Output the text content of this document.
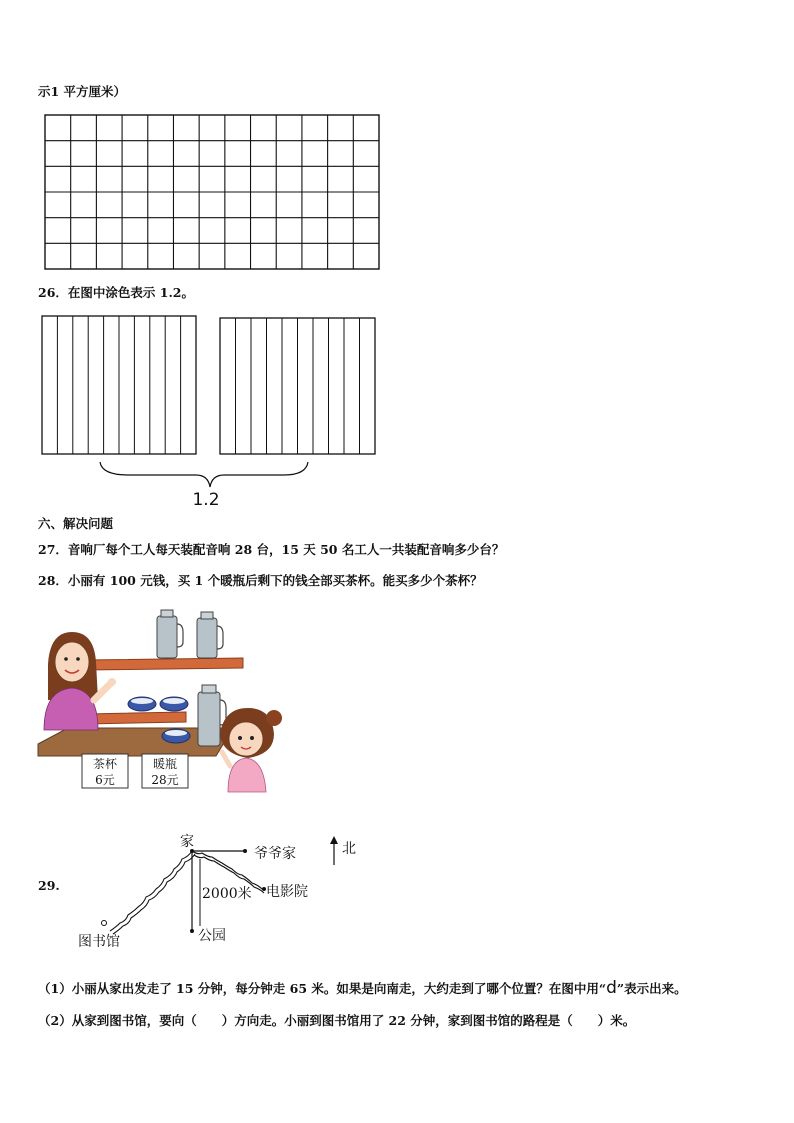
示1 平方厘米）
26．在图中涂色表示 1.2。
1.2
六、解决问题
27．音响厂每个工人每天装配音响 28 台，15 天 50 名工人一共装配音响多少台？
28．小丽有 100 元钱，买 1 个暖瓶后剩下的钱全部买茶杯。能买多少个茶杯？
茶杯
6元
暖瓶
28元
29.
家
爷爷家	北
公园
2000米 电影院
图书馆
（1）小丽从家出发走了 15 分钟，每分钟走 65 米。如果是向南走，大约走到了哪个位置？在图中用“d”表示出来。
（2）从家到图书馆，要向（　　）方向走。小丽到图书馆用了 22 分钟，家到图书馆的路程是（　　）米。
